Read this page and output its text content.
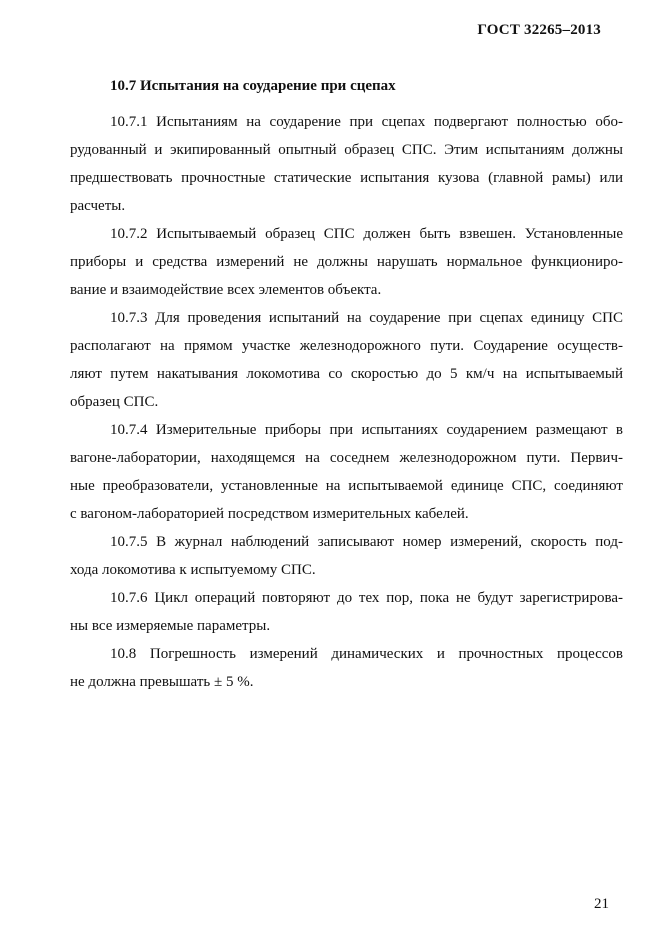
ГОСТ 32265–2013
10.7 Испытания на соударение при сцепах
10.7.1 Испытаниям на соударение при сцепах подвергают полностью обо-
рудованный и экипированный опытный образец СПС. Этим испытаниям должны
предшествовать прочностные статические испытания кузова (главной рамы) или
расчеты.
10.7.2 Испытываемый образец СПС должен быть взвешен. Установленные
приборы и средства измерений не должны нарушать нормальное функциониро-
вание и взаимодействие всех элементов объекта.
10.7.3 Для проведения испытаний на соударение при сцепах единицу СПС
располагают на прямом участке железнодорожного пути. Соударение осуществ-
ляют путем накатывания локомотива со скоростью до 5 км/ч на испытываемый
образец СПС.
10.7.4 Измерительные приборы при испытаниях соударением размещают в
вагоне-лаборатории, находящемся на соседнем железнодорожном пути. Первич-
ные преобразователи, установленные на испытываемой единице СПС, соединяют
с вагоном-лабораторией посредством измерительных кабелей.
10.7.5 В журнал наблюдений записывают номер измерений, скорость под-
хода локомотива к испытуемому СПС.
10.7.6 Цикл операций повторяют до тех пор, пока не будут зарегистрирова-
ны все измеряемые параметры.
10.8 Погрешность измерений динамических и прочностных процессов
не должна превышать ± 5 %.
21
